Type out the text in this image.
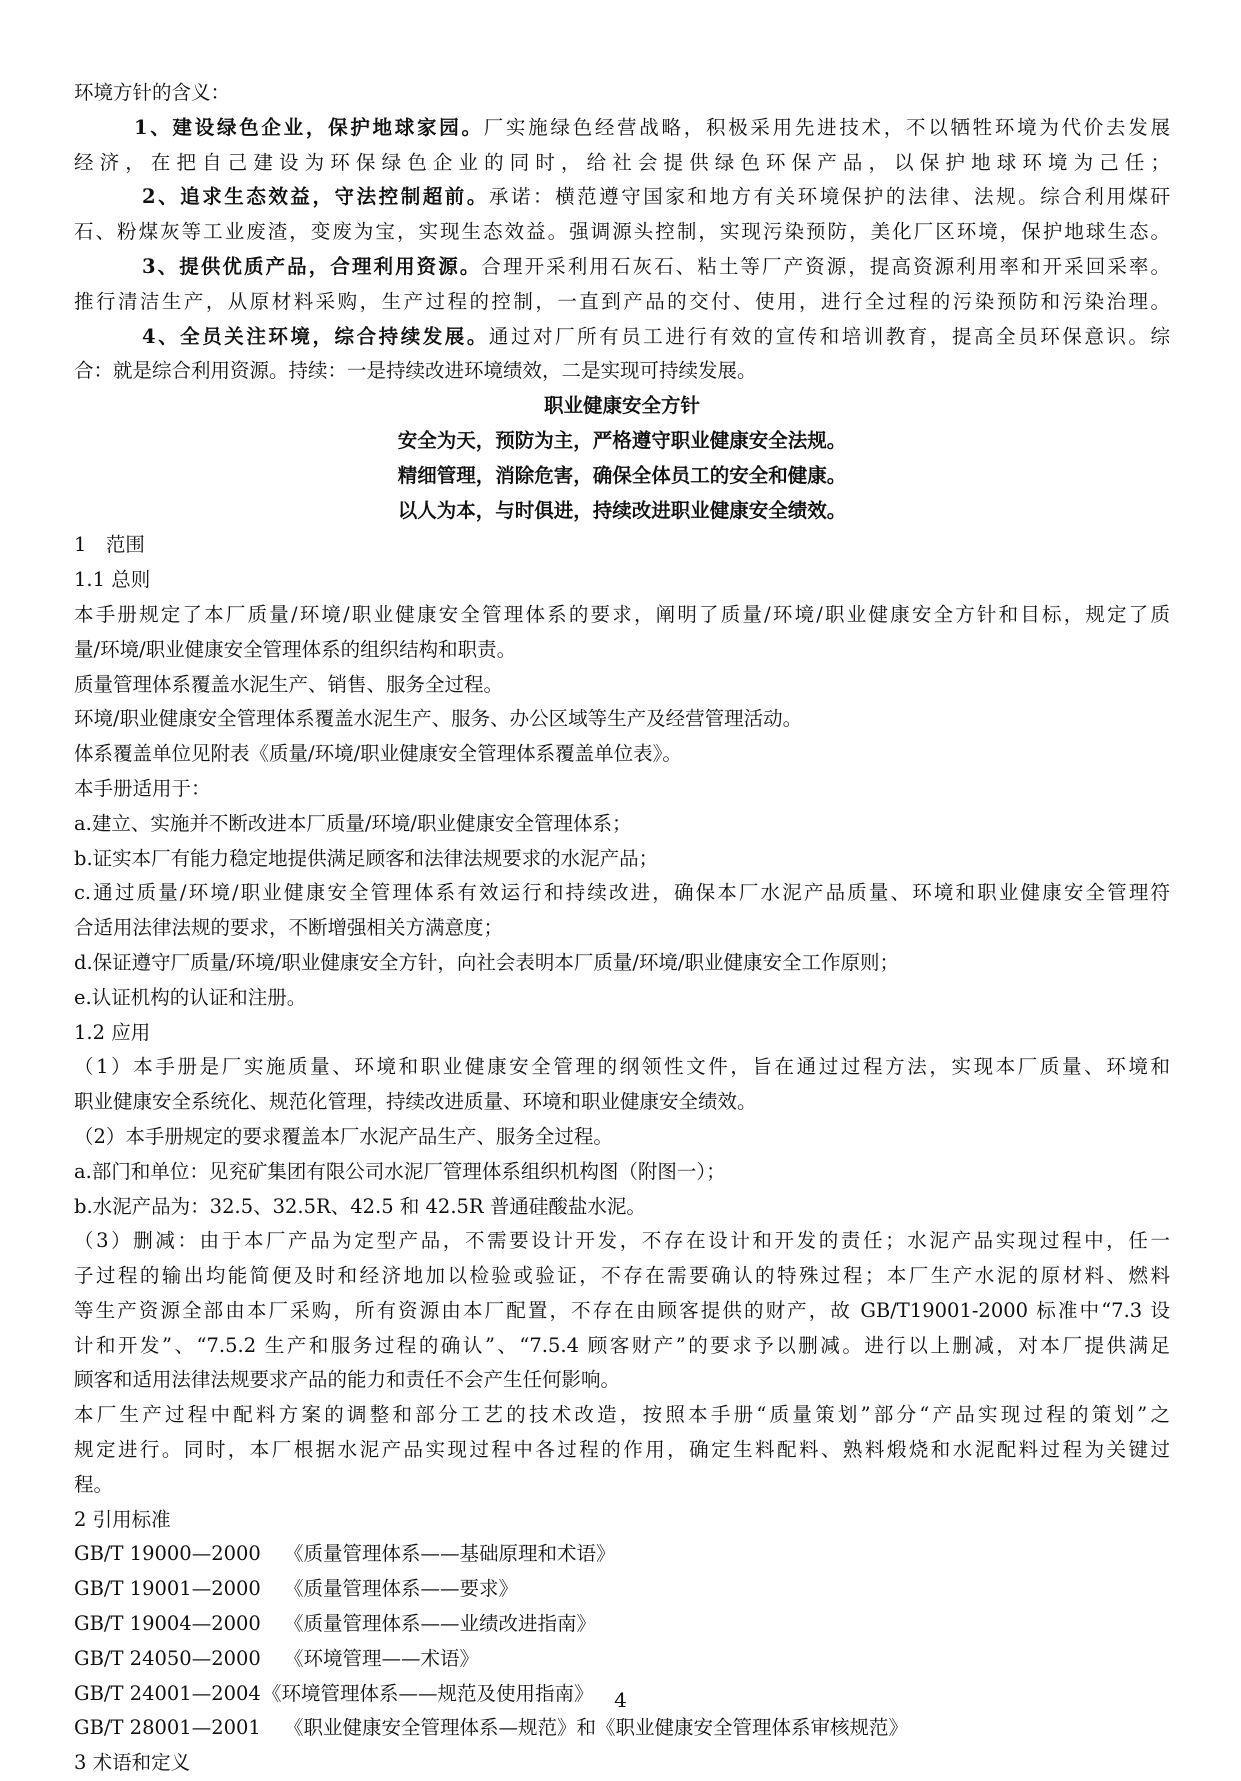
环境方针的含义：
1、建设绿色企业，保护地球家园。厂实施绿色经营战略，积极采用先进技术，不以牺牲环境为代价去发展
经济，在把自己建设为环保绿色企业的同时，给社会提供绿色环保产品，以保护地球环境为己任；
2、追求生态效益，守法控制超前。承诺：横范遵守国家和地方有关环境保护的法律、法规。综合利用煤矸
石、粉煤灰等工业废渣，变废为宝，实现生态效益。强调源头控制，实现污染预防，美化厂区环境，保护地球生态。
3、提供优质产品，合理利用资源。合理开采利用石灰石、粘土等厂产资源，提高资源利用率和开采回采率。
推行清洁生产，从原材料采购，生产过程的控制，一直到产品的交付、使用，进行全过程的污染预防和污染治理。
4、全员关注环境，综合持续发展。通过对厂所有员工进行有效的宣传和培训教育，提高全员环保意识。综
合：就是综合利用资源。持续：一是持续改进环境绩效，二是实现可持续发展。
职业健康安全方针
安全为天，预防为主，严格遵守职业健康安全法规。
精细管理，消除危害，确保全体员工的安全和健康。
以人为本，与时俱进，持续改进职业健康安全绩效。
1　范围
1.1 总则
本手册规定了本厂质量/环境/职业健康安全管理体系的要求，阐明了质量/环境/职业健康安全方针和目标，规定了质
量/环境/职业健康安全管理体系的组织结构和职责。
质量管理体系覆盖水泥生产、销售、服务全过程。
环境/职业健康安全管理体系覆盖水泥生产、服务、办公区域等生产及经营管理活动。
体系覆盖单位见附表《质量/环境/职业健康安全管理体系覆盖单位表》。
本手册适用于：
a.建立、实施并不断改进本厂质量/环境/职业健康安全管理体系；
b.证实本厂有能力稳定地提供满足顾客和法律法规要求的水泥产品；
c.通过质量/环境/职业健康安全管理体系有效运行和持续改进，确保本厂水泥产品质量、环境和职业健康安全管理符
合适用法律法规的要求，不断增强相关方满意度；
d.保证遵守厂质量/环境/职业健康安全方针，向社会表明本厂质量/环境/职业健康安全工作原则；
e.认证机构的认证和注册。
1.2 应用
（1）本手册是厂实施质量、环境和职业健康安全管理的纲领性文件，旨在通过过程方法，实现本厂质量、环境和
职业健康安全系统化、规范化管理，持续改进质量、环境和职业健康安全绩效。
（2）本手册规定的要求覆盖本厂水泥产品生产、服务全过程。
a.部门和单位：见兖矿集团有限公司水泥厂管理体系组织机构图（附图一）；
b.水泥产品为：32.5、32.5R、42.5 和 42.5R 普通硅酸盐水泥。
（3）删减：由于本厂产品为定型产品，不需要设计开发，不存在设计和开发的责任；水泥产品实现过程中，任一
子过程的输出均能简便及时和经济地加以检验或验证，不存在需要确认的特殊过程；本厂生产水泥的原材料、燃料
等生产资源全部由本厂采购，所有资源由本厂配置，不存在由顾客提供的财产，故 GB/T19001-2000 标准中“7.3 设
计和开发”、“7.5.2 生产和服务过程的确认”、“7.5.4 顾客财产”的要求予以删减。进行以上删减，对本厂提供满足
顾客和适用法律法规要求产品的能力和责任不会产生任何影响。
本厂生产过程中配料方案的调整和部分工艺的技术改造，按照本手册“质量策划”部分“产品实现过程的策划”之
规定进行。同时，本厂根据水泥产品实现过程中各过程的作用，确定生料配料、熟料煅烧和水泥配料过程为关键过
程。
2 引用标准
GB/T 19000—2000	《质量管理体系——基础原理和术语》
GB/T 19001—2000	《质量管理体系——要求》
GB/T 19004—2000	《质量管理体系——业绩改进指南》
GB/T 24050—2000	《环境管理——术语》
GB/T 24001—2004 《环境管理体系——规范及使用指南》
GB/T 28001—2001	《职业健康安全管理体系—规范》和《职业健康安全管理体系审核规范》
3 术语和定义
4
